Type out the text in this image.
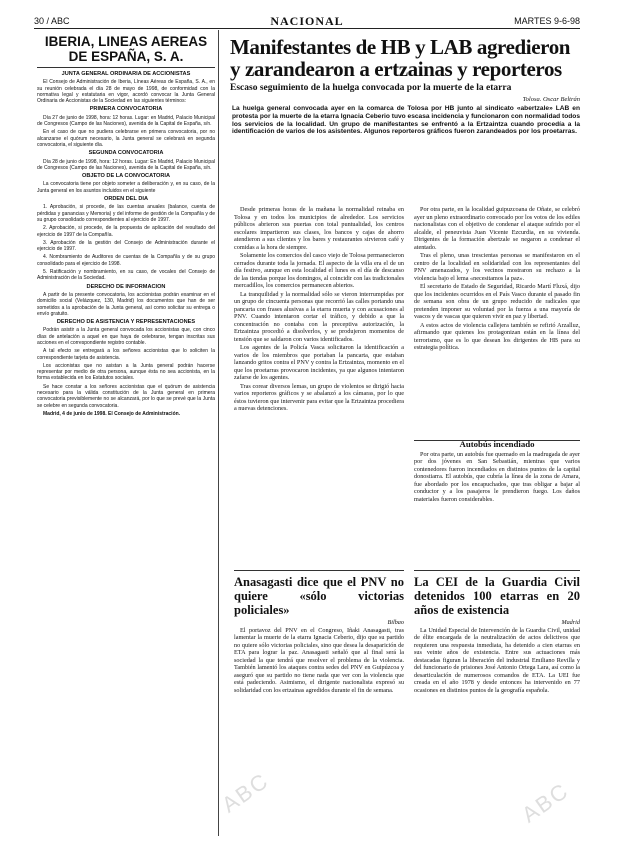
30 / ABC	NACIONAL	MARTES 9-6-98
IBERIA, LINEAS AEREAS DE ESPAÑA, S. A.
JUNTA GENERAL ORDINARIA DE ACCIONISTAS

El Consejo de Administración de Iberia, Líneas Aéreas de España, S. A., en su reunión celebrada el día 28 de mayo de 1998, de conformidad con la normativa legal y estatutaria en vigor, acordó convocar la Junta General Ordinaria de Accionistas de la Sociedad en las siguientes términos:

PRIMERA CONVOCATORIA

Día 27 de junio de 1998, hora: 12 horas. Lugar: en Madrid, Palacio Municipal de Congresos (Campo de las Naciones), avenida de la Capital de España, s/n.

En el caso de que no pudiera celebrarse en primera convocatoria, por no alcanzarse el quórum necesario, la Junta general se celebrará en segunda convocatoria, el siguiente día.

SEGUNDA CONVOCATORIA

Día 28 de junio de 1998, hora: 12 horas. Lugar: En Madrid, Palacio Municipal de Congresos (Campo de las Naciones), avenida de la Capital de España, s/n.

OBJETO DE LA CONVOCATORIA

La convocatoria tiene por objeto someter a deliberación y, en su caso, de la Junta general en los asuntos incluidos en el siguiente

ORDEN DEL DIA

1. Aprobación, si procede, de las cuentas anuales (balance, cuenta de pérdidas y ganancias y Memoria) y del informe de gestión de la Compañía y de su grupo consolidado correspondientes al ejercicio de 1997.

2. Aprobación, si procede, de la propuesta de aplicación del resultado del ejercicio de 1997 de la Compañía.

3. Aprobación de la gestión del Consejo de Administración durante el ejercicio de 1997.

4. Nombramiento de Auditores de cuentas de la Compañía y de su grupo consolidado para el ejercicio de 1998.

5. Ratificación y nombramiento, en su caso, de vocales del Consejo de Administración de la Sociedad.

DERECHO DE INFORMACION

A partir de la presente convocatoria, los accionistas podrán examinar en el domicilio social (Velázquez, 130, Madrid) los documentos que han de ser sometidos a la aprobación de la Junta general, así como solicitar su entrega o envío gratuito.

DERECHO DE ASISTENCIA Y REPRESENTACIONES

Podrán asistir a la Junta general convocada los accionistas que, con cinco días de antelación a aquel en que haya de celebrarse, tengan inscritas sus acciones en el correspondiente registro contable.

A tal efecto se entregará a los señores accionistas que lo soliciten la correspondiente tarjeta de asistencia.

Los accionistas que no asistan a la Junta general podrán hacerse representar por medio de otra persona, aunque ésta no sea accionista, en la forma establecida en los Estatutos sociales.

Se hace constar a los señores accionistas que el quórum de asistencia necesario para la válida constitución de la Junta general en primera convocatoria previsiblemente no se alcanzará, por lo que se prevé que la Junta se celebre en segunda convocatoria.

Madrid, 4 de junio de 1998. El Consejo de Administración.

Manifestantes de HB y LAB agredieron y zarandearon a ertzainas y reporteros
Escaso seguimiento de la huelga convocada por la muerte de la etarra
Tolosa. Oscar Beltrán
La huelga general convocada ayer en la comarca de Tolosa por HB junto al sindicato «abertzale» LAB en protesta por la muerte de la etarra Ignacia Ceberio tuvo escasa incidencia y funcionaron con normalidad todos los servicios de la localidad. Un grupo de manifestantes se enfrentó a la Ertzaintza cuando procedía a la identificación de varios de los asistentes. Algunos reporteros gráficos fueron zarandeados por los proetarras.

Desde primeras horas de la mañana la normalidad reinaba en Tolosa y en todos los municipios de alrededor. Los servicios públicos abrieron sus puertas con total puntualidad, los centros escolares impartieron sus clases, los bancos y cajas de ahorro atendieron a sus clientes y los bares y restaurantes sirvieron café y comidas a la hora de siempre.

Solamente los comercios del casco viejo de Tolosa permanecieron cerrados durante toda la jornada. El aspecto de la villa era el de un día festivo, aunque en esta localidad el lunes es el día de descanso de las tiendas porque los domingos, al coincidir con las tradicionales mercadillos, los comercios permanecen abiertos.

La tranquilidad y la normalidad sólo se vieron interrumpidas por un grupo de cincuenta personas que recorrió las calles portando una pancarta con frases alusivas a la etarra muerta y con acusaciones al PNV. Cuando intentaron cortar el tráfico, y debido a que la concentración no contaba con la preceptiva autorización, la Ertzaintza procedió a disolverlos, y se produjeron momentos de tensión que se saldaron con varios identificados.

Los agentes de la Policía Vasca solicitaron la identificación a varios de los miembros que portaban la pancarta, que estaban lanzando gritos contra el PNV y contra la Ertzaintza, momento en el que los proetarras provocaron incidentes, ya que algunos intentaron zafarse de los agentes.

Tras corear diversos lemas, un grupo de violentos se dirigió hacia varios reporteros gráficos y se abalanzó a los cámaras, por lo que éstos tuvieron que intervenir para evitar que la Ertzaintza procediera a nuevas detenciones.

Por otra parte, en la localidad guipuzcoana de Oñate, se celebró ayer un pleno extraordinario convocado por los votos de los ediles nacionalistas con el objetivo de condenar el ataque sufrido por el alcalde, el peneuvista Juan Vicente Ezcurdia, en su vivienda. Dirigentes de la formación abertzale se negaron a condenar el atentado.

Tras el pleno, unas trescientas personas se manifestaron en el centro de la localidad en solidaridad con los representantes del PNV amenazados, y los vecinos mostraron su rechazo a la violencia bajo el lema «necesitamos la paz».

El secretario de Estado de Seguridad, Ricardo Martí Fluxá, dijo que los incidentes ocurridos en el País Vasco durante el pasado fin de semana son obra de un grupo reducido de radicales que pretenden imponer su voluntad por la fuerza a una mayoría de vascos y de vascas que quieren vivir en paz y libertad.

A estos actos de violencia callejera también se refirió Arzalluz, afirmando que quienes los protagonizan están en la línea del terrorismo, que es lo que desean los dirigentes de HB para su estrategia política.

Autobús incendiado

Por otra parte, un autobús fue quemado en la madrugada de ayer por dos jóvenes en San Sebastián, mientras que varios contenedores fueron incendiados en distintos puntos de la capital donostiarra. El autobús, que cubría la línea de la zona de Amara, fue abordado por los encapuchados, que tras obligar a bajar al conductor y a los pasajeros le prendieron fuego. Los daños materiales fueron considerables.

Anasagasti dice que el PNV no quiere «sólo victorias policiales»
Bilbao

El portavoz del PNV en el Congreso, Iñaki Anasagasti, tras lamentar la muerte de la etarra Ignacia Ceberio, dijo que su partido no quiere sólo victorias policiales, sino que desea la desaparición de ETA para lograr la paz. Anasagasti señaló que al final será la sociedad la que tendrá que resolver el problema de la violencia. También lamentó los ataques contra sedes del PNV en Guipúzcoa y aseguró que su partido no tiene nada que ver con la violencia que está padeciendo. Asimismo, el dirigente nacionalista expresó su solidaridad con los ertzainas agredidos durante el fin de semana.

La CEI de la Guardia Civil detenidos 100 etarras en 20 años de existencia
Madrid

La Unidad Especial de Intervención de la Guardia Civil, unidad de élite encargada de la neutralización de actos delictivos que requieren una respuesta inmediata, ha detenido a cien etarras en sus veinte años de existencia. Entre sus actuaciones más destacadas figuran la liberación del industrial Emiliano Revilla y del funcionario de prisiones José Antonio Ortega Lara, así como la desarticulación de numerosos comandos de ETA. La UEI fue creada en el año 1978 y desde entonces ha intervenido en 77 ocasiones en distintos puntos de la geografía española.

ABC	ABC
